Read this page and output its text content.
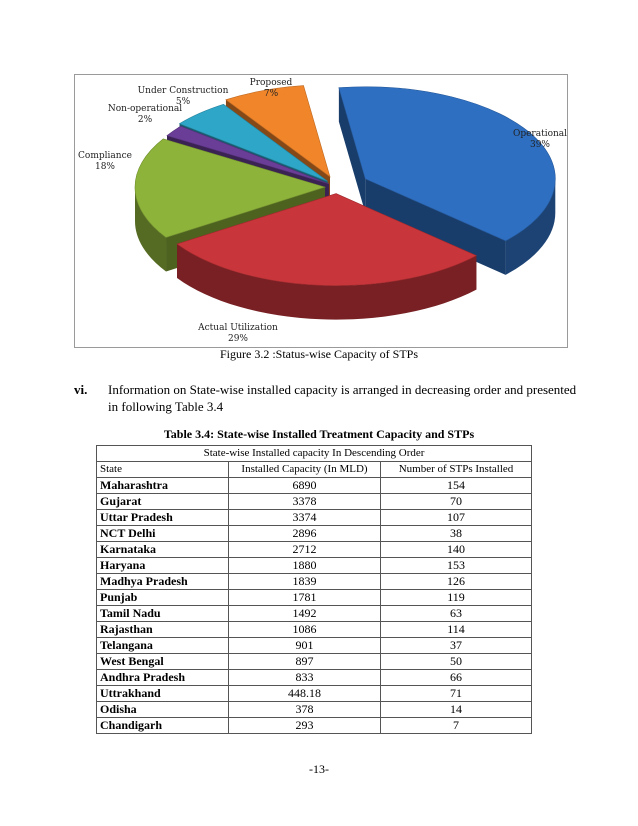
Operational
39%
Actual Utilization
29%
Compliance
18%
Non-operational
2%
Under Construction
5%
Proposed
7%
Figure 3.2 :Status-wise Capacity of STPs
vi. Information on State-wise installed capacity is arranged in decreasing order and presented in following Table 3.4
Table 3.4: State-wise Installed Treatment Capacity and STPs
State-wise Installed capacity In Descending Order		
State	Installed Capacity (In MLD)	Number of STPs Installed
Maharashtra	6890	154
Gujarat	3378	70
Uttar Pradesh	3374	107
NCT Delhi	2896	38
Karnataka	2712	140
Haryana	1880	153
Madhya Pradesh	1839	126
Punjab	1781	119
Tamil Nadu	1492	63
Rajasthan	1086	114
Telangana	901	37
West Bengal	897	50
Andhra Pradesh	833	66
Uttrakhand	448.18	71
Odisha	378	14
Chandigarh	293	7
-13-
